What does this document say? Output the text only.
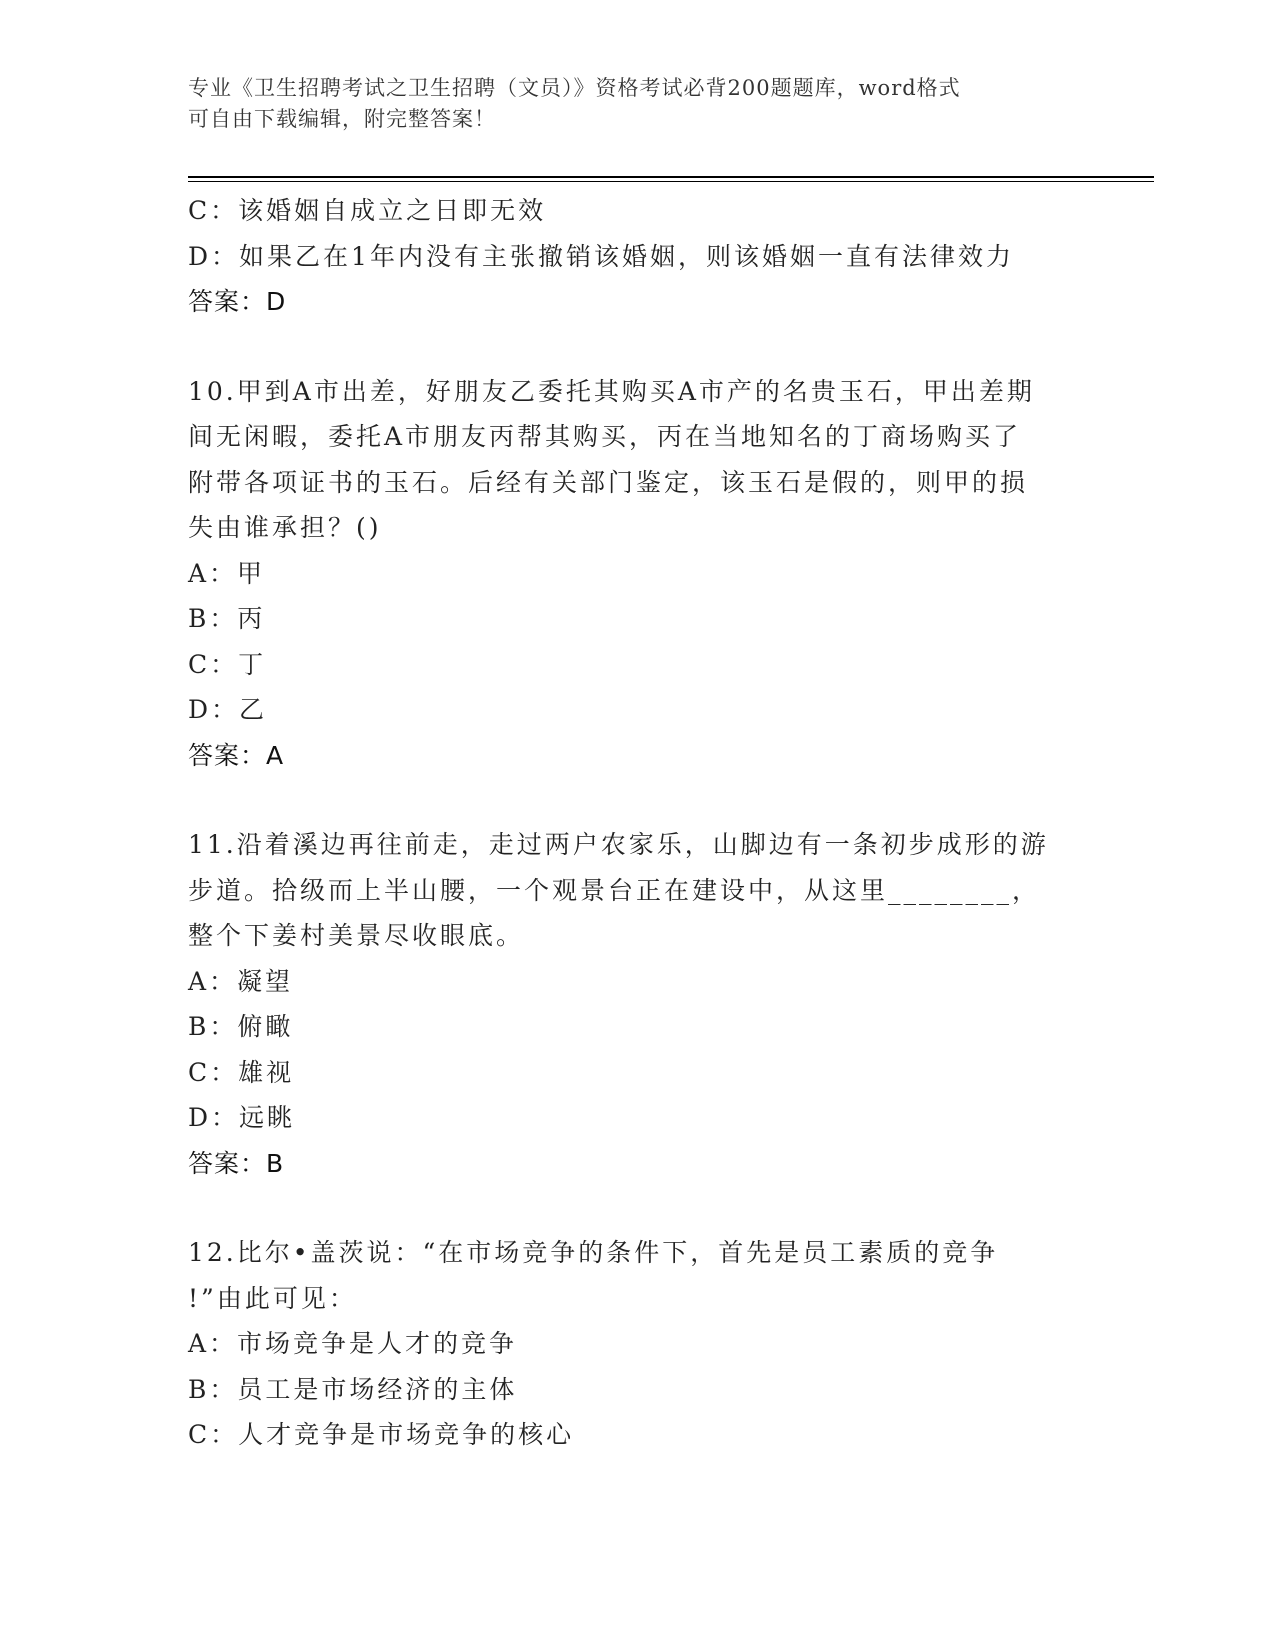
专业《卫生招聘考试之卫生招聘（文员）》资格考试必背200题题库，word格式
可自由下载编辑，附完整答案！
C：该婚姻自成立之日即无效
D：如果乙在1年内没有主张撤销该婚姻，则该婚姻一直有法律效力
答案：D
10.甲到A市出差，好朋友乙委托其购买A市产的名贵玉石，甲出差期
间无闲暇，委托A市朋友丙帮其购买，丙在当地知名的丁商场购买了
附带各项证书的玉石。后经有关部门鉴定，该玉石是假的，则甲的损
失由谁承担？()
A：甲
B：丙
C：丁
D：乙
答案：A
11.沿着溪边再往前走，走过两户农家乐，山脚边有一条初步成形的游
步道。拾级而上半山腰，一个观景台正在建设中，从这里________，
整个下姜村美景尽收眼底。
A：凝望
B：俯瞰
C：雄视
D：远眺
答案：B
12.比尔•盖茨说：“在市场竞争的条件下，首先是员工素质的竞争
!”由此可见：
A：市场竞争是人才的竞争
B：员工是市场经济的主体
C：人才竞争是市场竞争的核心
